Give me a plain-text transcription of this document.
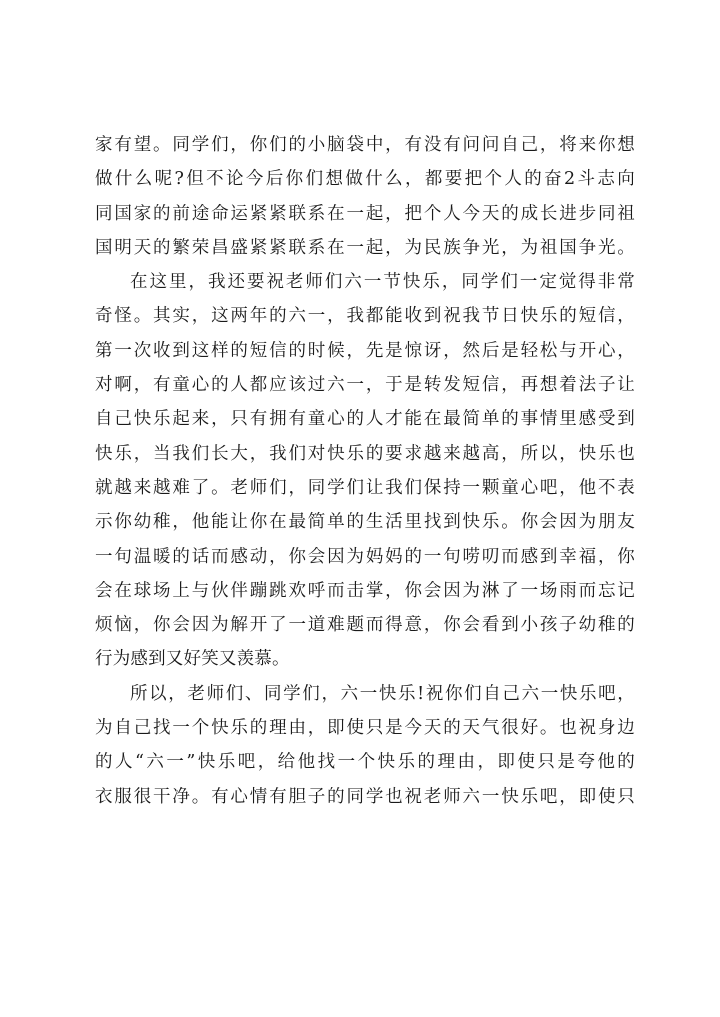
家有望。同学们，你们的小脑袋中，有没有问问自己，将来你想
做什么呢?但不论今后你们想做什么，都要把个人的奋2斗志向
同国家的前途命运紧紧联系在一起，把个人今天的成长进步同祖
国明天的繁荣昌盛紧紧联系在一起，为民族争光，为祖国争光。
在这里，我还要祝老师们六一节快乐，同学们一定觉得非常
奇怪。其实，这两年的六一，我都能收到祝我节日快乐的短信，
第一次收到这样的短信的时候，先是惊讶，然后是轻松与开心，
对啊，有童心的人都应该过六一，于是转发短信，再想着法子让
自己快乐起来，只有拥有童心的人才能在最简单的事情里感受到
快乐，当我们长大，我们对快乐的要求越来越高，所以，快乐也
就越来越难了。老师们，同学们让我们保持一颗童心吧，他不表
示你幼稚，他能让你在最简单的生活里找到快乐。你会因为朋友
一句温暖的话而感动，你会因为妈妈的一句唠叨而感到幸福，你
会在球场上与伙伴蹦跳欢呼而击掌，你会因为淋了一场雨而忘记
烦恼，你会因为解开了一道难题而得意，你会看到小孩子幼稚的
行为感到又好笑又羡慕。
所以，老师们、同学们，六一快乐!祝你们自己六一快乐吧，
为自己找一个快乐的理由，即使只是今天的天气很好。也祝身边
的人“六一”快乐吧，给他找一个快乐的理由，即使只是夸他的
衣服很干净。有心情有胆子的同学也祝老师六一快乐吧，即使只
